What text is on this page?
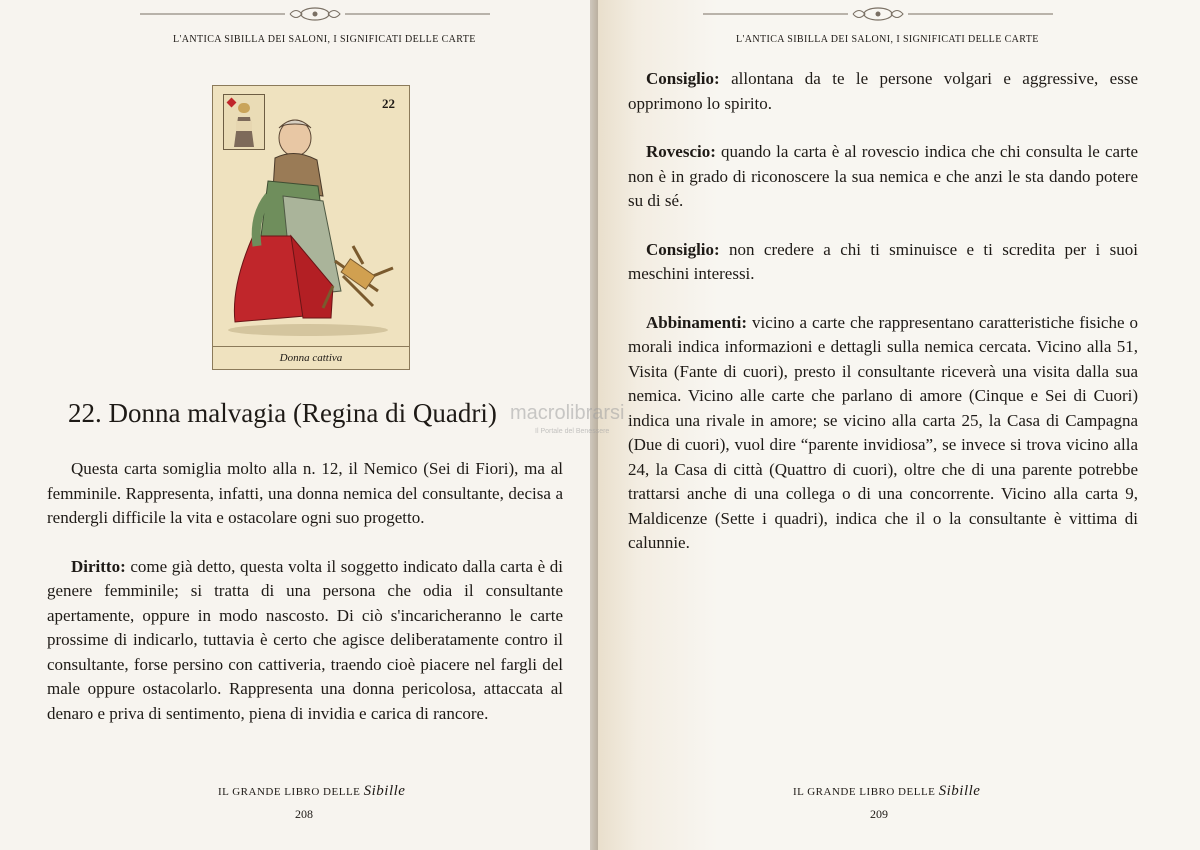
L'ANTICA SIBILLA DEI SALONI, I SIGNIFICATI DELLE CARTE
22
Donna cattiva
22. Donna malvagia (Regina di Quadri)

Questa carta somiglia molto alla n. 12, il Nemico (Sei di Fiori), ma al femminile. Rappresenta, infatti, una donna nemica del consultante, decisa a rendergli difficile la vita e ostacolare ogni suo progetto.

Diritto: come già detto, questa volta il soggetto indicato dalla carta è di genere femminile; si tratta di una persona che odia il consultante apertamente, oppure in modo nascosto. Di ciò s'incaricheranno le carte prossime di indicarlo, tuttavia è certo che agisce deliberatamente contro il consultante, forse persino con cattiveria, traendo cioè piacere nel fargli del male oppure ostacolarlo. Rappresenta una donna pericolosa, attaccata al denaro e priva di sentimento, piena di invidia e carica di rancore.

IL GRANDE LIBRO DELLE Sibille
208
L'ANTICA SIBILLA DEI SALONI, I SIGNIFICATI DELLE CARTE

Consiglio: allontana da te le persone volgari e aggressive, esse opprimono lo spirito.

Rovescio: quando la carta è al rovescio indica che chi consulta le carte non è in grado di riconoscere la sua nemica e che anzi le sta dando potere su di sé.

Consiglio: non credere a chi ti sminuisce e ti scredita per i suoi meschini interessi.

Abbinamenti: vicino a carte che rappresentano caratteristiche fisiche o morali indica informazioni e dettagli sulla nemica cercata. Vicino alla 51, Visita (Fante di cuori), presto il consultante riceverà una visita dalla sua nemica. Vicino alle carte che parlano di amore (Cinque e Sei di Cuori) indica una rivale in amore; se vicino alla carta 25, la Casa di Campagna (Due di cuori), vuol dire “parente invidiosa”, se invece si trova vicino alla 24, la Casa di città (Quattro di cuori), oltre che di una parente potrebbe trattarsi anche di una collega o di una concorrente. Vicino alla carta 9, Maldicenze (Sette i quadri), indica che il o la consultante è vittima di calunnie.

IL GRANDE LIBRO DELLE Sibille
209
macrolibrarsi
Il Portale del Benessere
